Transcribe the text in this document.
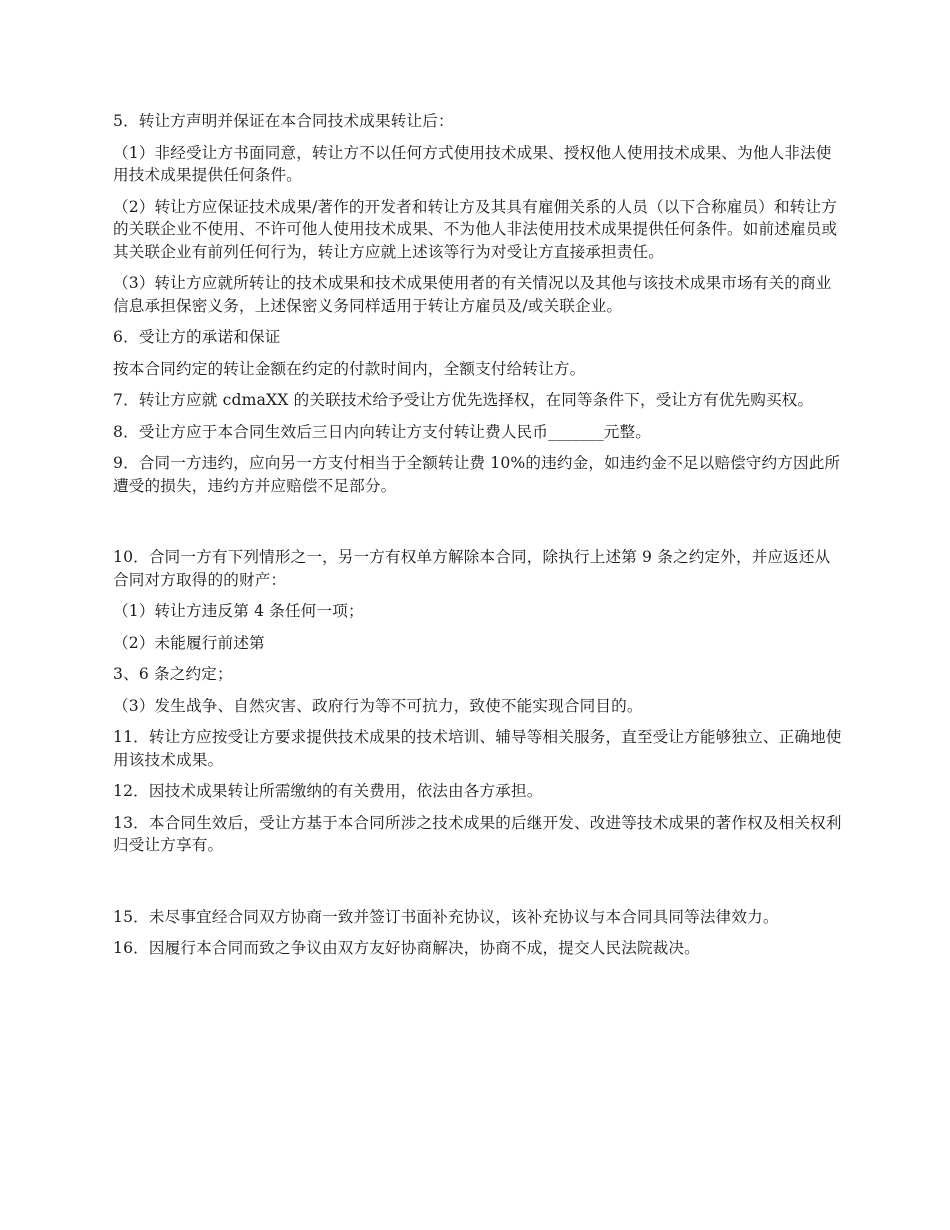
5．转让方声明并保证在本合同技术成果转让后：

（1）非经受让方书面同意，转让方不以任何方式使用技术成果、授权他人使用技术成果、为他人非法使用技术成果提供任何条件。

（2）转让方应保证技术成果/著作的开发者和转让方及其具有雇佣关系的人员（以下合称雇员）和转让方的关联企业不使用、不许可他人使用技术成果、不为他人非法使用技术成果提供任何条件。如前述雇员或其关联企业有前列任何行为，转让方应就上述该等行为对受让方直接承担责任。

（3）转让方应就所转让的技术成果和技术成果使用者的有关情况以及其他与该技术成果市场有关的商业信息承担保密义务，上述保密义务同样适用于转让方雇员及/或关联企业。

6．受让方的承诺和保证

按本合同约定的转让金额在约定的付款时间内，全额支付给转让方。

7．转让方应就 cdmaXX 的关联技术给予受让方优先选择权，在同等条件下，受让方有优先购买权。

8．受让方应于本合同生效后三日内向转让方支付转让费人民币_______元整。

9．合同一方违约，应向另一方支付相当于全额转让费 10%的违约金，如违约金不足以赔偿守约方因此所遭受的损失，违约方并应赔偿不足部分。

10．合同一方有下列情形之一，另一方有权单方解除本合同，除执行上述第 9 条之约定外，并应返还从合同对方取得的的财产：

（1）转让方违反第 4 条任何一项；

（2）未能履行前述第

3、6 条之约定；

（3）发生战争、自然灾害、政府行为等不可抗力，致使不能实现合同目的。

11．转让方应按受让方要求提供技术成果的技术培训、辅导等相关服务，直至受让方能够独立、正确地使用该技术成果。

12．因技术成果转让所需缴纳的有关费用，依法由各方承担。

13．本合同生效后，受让方基于本合同所涉之技术成果的后继开发、改进等技术成果的著作权及相关权利归受让方享有。

15．未尽事宜经合同双方协商一致并签订书面补充协议，该补充协议与本合同具同等法律效力。

16．因履行本合同而致之争议由双方友好协商解决，协商不成，提交人民法院裁决。
